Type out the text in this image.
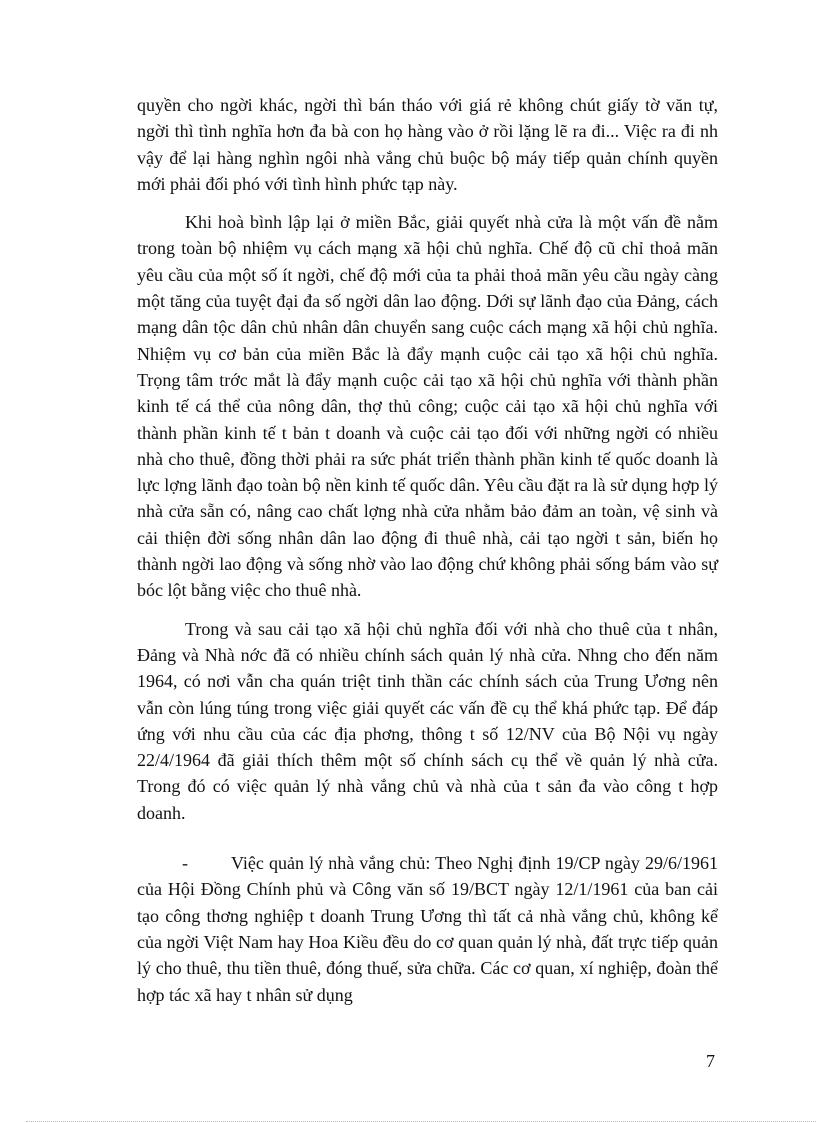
quyền cho ngời khác, ngời thì bán tháo với giá rẻ không chút giấy tờ văn tự, ngời thì tình nghĩa hơn đa bà con họ hàng vào ở rồi lặng lẽ ra đi... Việc ra đi nh vậy để lại hàng nghìn ngôi nhà vắng chủ buộc bộ máy tiếp quản chính quyền mới phải đối phó với tình hình phức tạp này.

Khi hoà bình lập lại ở miền Bắc, giải quyết nhà cửa là một vấn đề nằm trong toàn bộ nhiệm vụ cách mạng xã hội chủ nghĩa. Chế độ cũ chỉ thoả mãn yêu cầu của một số ít ngời, chế độ mới của ta phải thoả mãn yêu cầu ngày càng một tăng của tuyệt đại đa số ngời dân lao động. Dới sự lãnh đạo của Đảng, cách mạng dân tộc dân chủ nhân dân chuyển sang cuộc cách mạng xã hội chủ nghĩa. Nhiệm vụ cơ bản của miền Bắc là đẩy mạnh cuộc cải tạo xã hội chủ nghĩa. Trọng tâm trớc mắt là đẩy mạnh cuộc cải tạo xã hội chủ nghĩa với thành phần kinh tế cá thể của nông dân, thợ thủ công; cuộc cải tạo xã hội chủ nghĩa với thành phần kinh tế t bản t doanh và cuộc cải tạo đối với những ngời có nhiều nhà cho thuê, đồng thời phải ra sức phát triển thành phần kinh tế quốc doanh là lực lợng lãnh đạo toàn bộ nền kinh tế quốc dân. Yêu cầu đặt ra là sử dụng hợp lý nhà cửa sẵn có, nâng cao chất lợng nhà cửa nhằm bảo đảm an toàn, vệ sinh và cải thiện đời sống nhân dân lao động đi thuê nhà, cải tạo ngời t sản, biến họ thành ngời lao động và sống nhờ vào lao động chứ không phải sống bám vào sự bóc lột bằng việc cho thuê nhà.

Trong và sau cải tạo xã hội chủ nghĩa đối với nhà cho thuê của t nhân, Đảng và Nhà nớc đã có nhiều chính sách quản lý nhà cửa. Nhng cho đến năm 1964, có nơi vẫn cha quán triệt tinh thần các chính sách của Trung Ương nên vẫn còn lúng túng trong việc giải quyết các vấn đề cụ thể khá phức tạp. Để đáp ứng với nhu cầu của các địa phơng, thông t số 12/NV của Bộ Nội vụ ngày 22/4/1964 đã giải thích thêm một số chính sách cụ thể về quản lý nhà cửa. Trong đó có việc quản lý nhà vắng chủ và nhà của t sản đa vào công t hợp doanh.

- Việc quản lý nhà vắng chủ: Theo Nghị định 19/CP ngày 29/6/1961 của Hội Đồng Chính phủ và Công văn số 19/BCT ngày 12/1/1961 của ban cải tạo công thơng nghiệp t doanh Trung Ương thì tất cả nhà vắng chủ, không kể của ngời Việt Nam hay Hoa Kiều đều do cơ quan quản lý nhà, đất trực tiếp quản lý cho thuê, thu tiền thuê, đóng thuế, sửa chữa. Các cơ quan, xí nghiệp, đoàn thể hợp tác xã hay t nhân sử dụng

7
